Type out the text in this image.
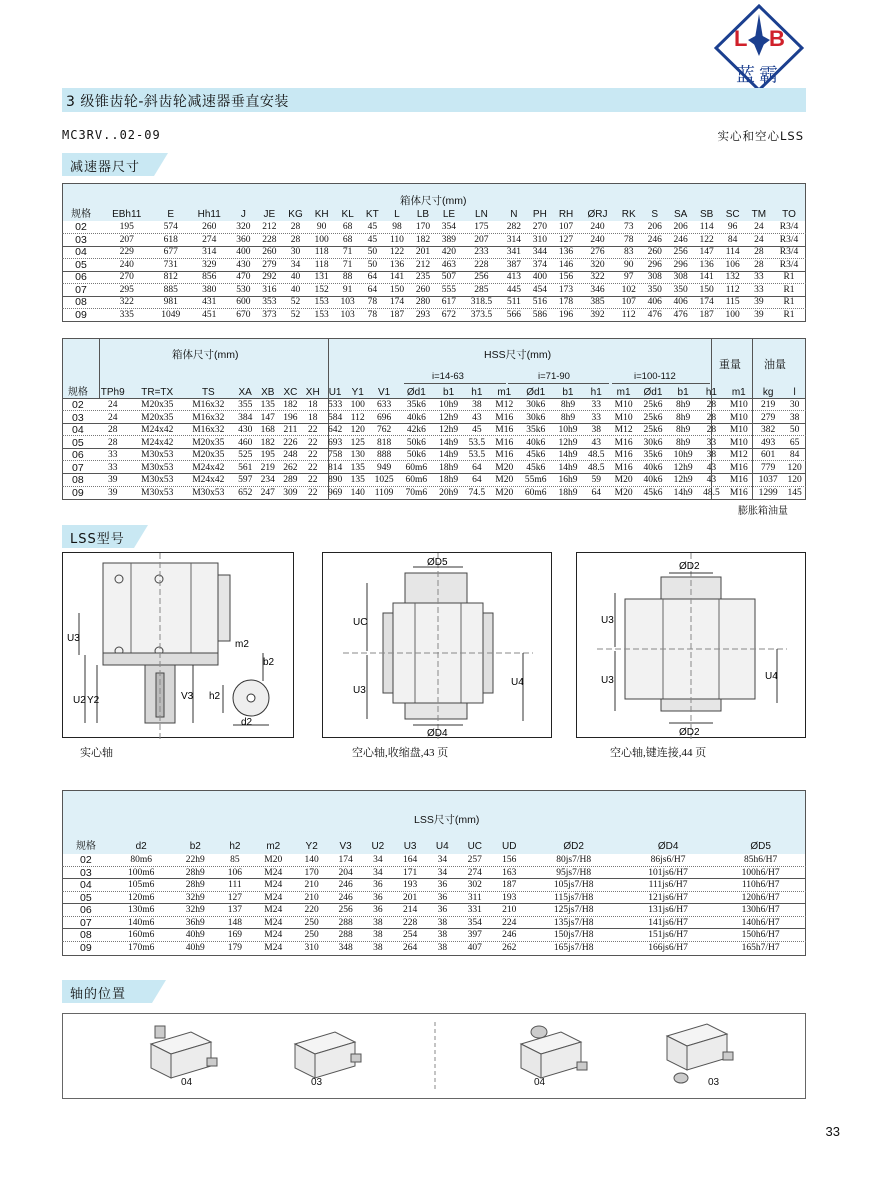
L B
蓝霸
3 级锥齿轮-斜齿轮减速器垂直安装
MC3RV..02-09	实心和空心LSS
减速器尺寸
箱体尺寸(mm)
规格	EBh11	E	Hh11	J	JE	KG	KH	KL	KT	L	LB	LE	LN	N	PH	RH	ØRJ	RK	S	SA	SB	SC	TM	TO
02	195	574	260	320	212	28	90	68	45	98	170	354	175	282	270	107	240	73	206	206	114	96	24	R3/4
03	207	618	274	360	228	28	100	68	45	110	182	389	207	314	310	127	240	78	246	246	122	84	24	R3/4
04	229	677	314	400	260	30	118	71	50	122	201	420	233	341	344	136	276	83	260	256	147	114	28	R3/4
05	240	731	329	430	279	34	118	71	50	136	212	463	228	387	374	146	320	90	296	296	136	106	28	R3/4
06	270	812	856	470	292	40	131	88	64	141	235	507	256	413	400	156	322	97	308	308	141	132	33	R1
07	295	885	380	530	316	40	152	91	64	150	260	555	285	445	454	173	346	102	350	350	150	112	33	R1
08	322	981	431	600	353	52	153	103	78	174	280	617	318.5	511	516	178	385	107	406	406	174	115	39	R1
09	335	1049	451	670	373	52	153	103	78	187	293	672	373.5	566	586	196	392	112	476	476	187	100	39	R1
箱体尺寸(mm)	HSS尺寸(mm)
重量 油量
i=14-63	i=71-90	i=100-112
规格	TPh9	TR=TX	TS	XA	XB	XC	XH	U1	Y1	V1	Ød1	b1	h1	m1	Ød1	b1	h1	m1	Ød1	b1	h1	m1	kg	l
02	24	M20x35	M16x32	355	135	182	18	533	100	633	35k6	10h9	38	M12	30k6	8h9	33	M10	25k6	8h9	28	M10	219	30
03	24	M20x35	M16x32	384	147	196	18	584	112	696	40k6	12h9	43	M16	30k6	8h9	33	M10	25k6	8h9	28	M10	279	38
04	28	M24x42	M16x32	430	168	211	22	642	120	762	42k6	12h9	45	M16	35k6	10h9	38	M12	25k6	8h9	28	M10	382	50
05	28	M24x42	M20x35	460	182	226	22	693	125	818	50k6	14h9	53.5	M16	40k6	12h9	43	M16	30k6	8h9	33	M10	493	65
06	33	M30x53	M20x35	525	195	248	22	758	130	888	50k6	14h9	53.5	M16	45k6	14h9	48.5	M16	35k6	10h9	38	M12	601	84
07	33	M30x53	M24x42	561	219	262	22	814	135	949	60m6	18h9	64	M20	45k6	14h9	48.5	M16	40k6	12h9	43	M16	779	120
08	39	M30x53	M24x42	597	234	289	22	890	135	1025	60m6	18h9	64	M20	55m6	16h9	59	M20	40k6	12h9	43	M16	1037	120
09	39	M30x53	M30x53	652	247	309	22	969	140	1109	70m6	20h9	74.5	M20	60m6	18h9	64	M20	45k6	14h9	48.5	M16	1299	145
膨胀箱油量
LSS型号
U3
U2 Y2	V3 h2
m2
b2
d2
实心轴
ØD5
UC
U3
U4
ØD4
空心轴,收缩盘,43 页
ØD2
U3
U3	U4
ØD2
空心轴,键连接,44 页
LSS尺寸(mm)
规格	d2	b2	h2	m2	Y2	V3	U2	U3	U4	UC	UD	ØD2	ØD4	ØD5
02	80m6	22h9	85	M20	140	174	34	164	34	257	156	80js7/H8	86js6/H7	85h6/H7
03	100m6	28h9	106	M24	170	204	34	171	34	274	163	95js7/H8	101js6/H7	100h6/H7
04	105m6	28h9	111	M24	210	246	36	193	36	302	187	105js7/H8	111js6/H7	110h6/H7
05	120m6	32h9	127	M24	210	246	36	201	36	311	193	115js7/H8	121js6/H7	120h6/H7
06	130m6	32h9	137	M24	220	256	36	214	36	331	210	125js7/H8	131js6/H7	130h6/H7
07	140m6	36h9	148	M24	250	288	38	228	38	354	224	135js7/H8	141js6/H7	140h6/H7
08	160m6	40h9	169	M24	250	288	38	254	38	397	246	150js7/H8	151js6/H7	150h6/H7
09	170m6	40h9	179	M24	310	348	38	264	38	407	262	165js7/H8	166js6/H7	165h7/H7
轴的位置
04	03	04	03
33
